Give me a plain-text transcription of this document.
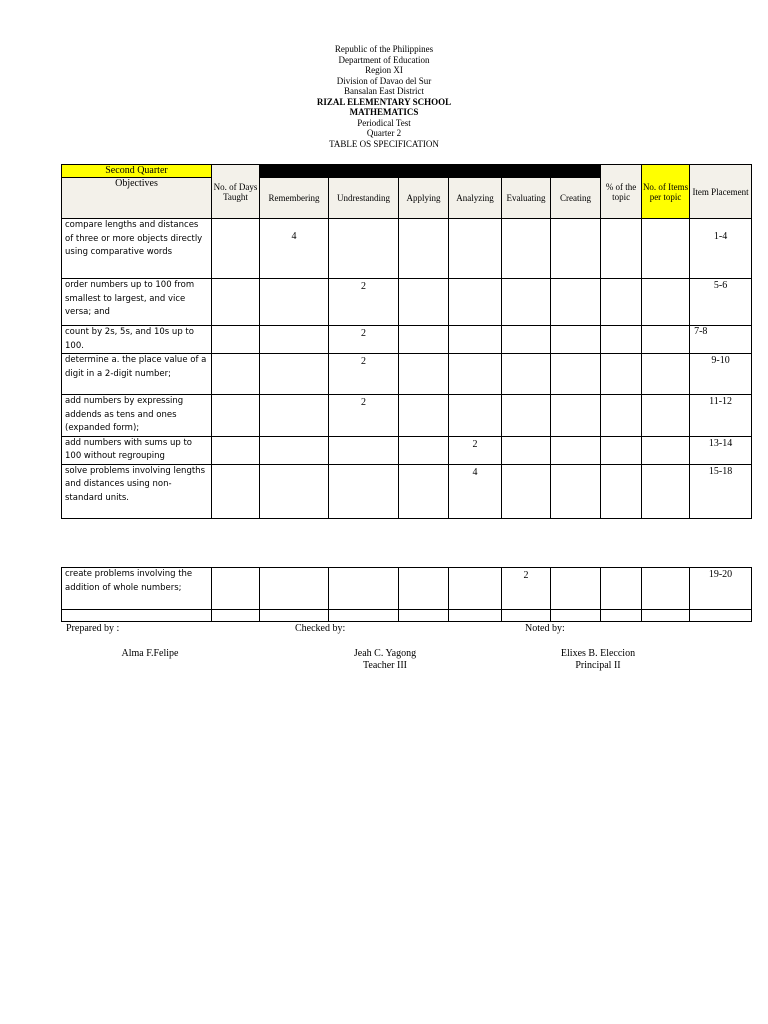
Republic of the Philippines
Department of Education
Region XI
Division of Davao del Sur
Bansalan East District
RIZAL ELEMENTARY SCHOOL
MATHEMATICS
Periodical Test
Quarter 2
TABLE OS SPECIFICATION
Second Quarter	No. of Days Taught							% of the topic	No. of Items per topic	Item Placement
Objectives		Remembering	Undrestanding	Applying	Analyzing	Evaluating	Creating			
compare lengths and distances of three or more objects directly using comparative words		4								1-4
order numbers up to 100 from smallest to largest, and vice versa; and			2							5-6
count by 2s, 5s, and 10s up to 100.			2							7-8
determine a. the place value of a digit in a 2-digit number;			2							9-10
add numbers by expressing addends as tens and ones (expanded form);			2							11-12
add numbers with sums up to 100 without regrouping					2					13-14
solve problems involving lengths and distances using non-standard units.					4					15-18
create problems involving the addition of whole numbers;						2				19-20

Prepared by :	Checked by:	Noted by:
Alma F.Felipe	Jeah C. Yagong
Teacher III
Elixes B. Eleccion
Principal II
